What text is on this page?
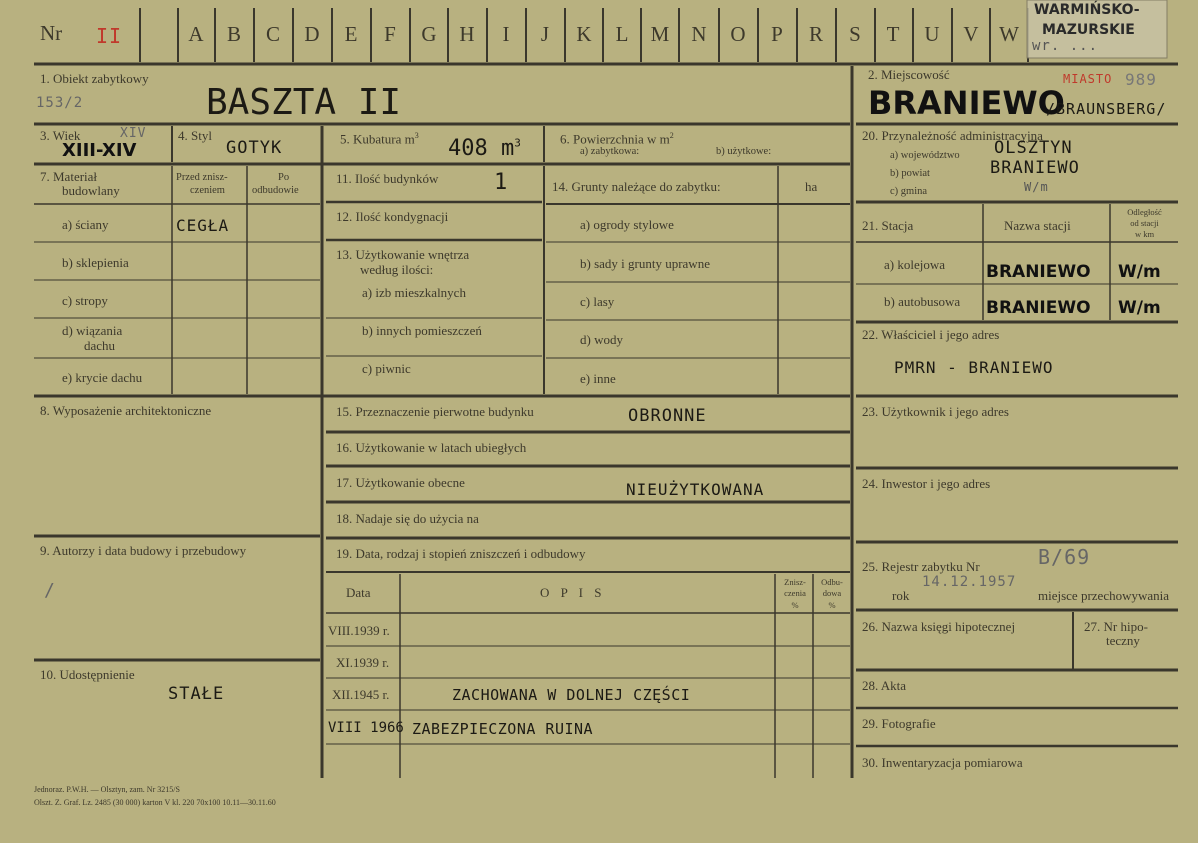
WARMIŃSKO-
MAZURSKIE
wr. ...
MIASTO 989
Nr II	A B C D E F G H	I	J	K L M N O P R S T U V W
1. Obiekt zabytkowy
153/2	BASZTA II
2. Miejscowość
BRANIEWO
/BRAUNSBERG/
3. Wiek	XIV
XIII-XIV
4. Styl
GOTYK	5. Kubatura $m^3$
408 $m^3$	6. Powierzchnia w $m^2$
a) zabytkowa:	b) użytkowe:
7. Materiał
budowlany
Przed znisz-
czeniem
Po
odbudowie
a) ściany	CEGŁA
b) sklepienia
c) stropy
d) wiązania
dachu
e) krycie dachu
8. Wyposażenie architektoniczne
9. Autorzy i data budowy i przebudowy
/
10. Udostępnienie
STAŁE
11. Ilość budynków	1
12. Ilość kondygnacji
13. Użytkowanie wnętrza
według ilości:
a) izb mieszkalnych
b) innych pomieszczeń
c) piwnic
14. Grunty należące do zabytku:	ha
a) ogrody stylowe
b) sady i grunty uprawne
c) lasy
d) wody
e) inne
15. Przeznaczenie pierwotne budynku	OBRONNE
16. Użytkowanie w latach ubiegłych
17. Użytkowanie obecne	NIEUŻYTKOWANA
18. Nadaje się do użycia na
19. Data, rodzaj i stopień zniszczeń i odbudowy
Data	O P I S
Znisz-
czenia
%
Odbu-
dowa
%
VIII.1939 r.
XI.1939 r.
XII.1945 r.	ZACHOWANA W DOLNEJ CZĘŚCI
VIII 1966 ZABEZPIECZONA RUINA
20. Przynależność administracyjna
a) województwo OLSZTYN
b) powiat	BRANIEWO
c) gmina	W/m
21. Stacja	Nazwa stacji
Odległość
od stacji
w km
a) kolejowa BRANIEWO W/m
b) autobusowa BRANIEWO W/m
22. Właściciel i jego adres
PMRN - BRANIEWO
23. Użytkownik i jego adres
24. Inwestor i jego adres
25. Rejestr zabytku Nr	B/69
rok
14.12.1957
miejsce przechowywania
26. Nazwa księgi hipotecznej	27. Nr hipo-
teczny
28. Akta
29. Fotografie
30. Inwentaryzacja pomiarowa
Jednorаz. P.W.H. — Olsztyn, zam. Nr 3215/S
Olszt. Z. Graf. Lz. 2485 (30 000) karton V kl. 220 70x100 10.11—30.11.60
